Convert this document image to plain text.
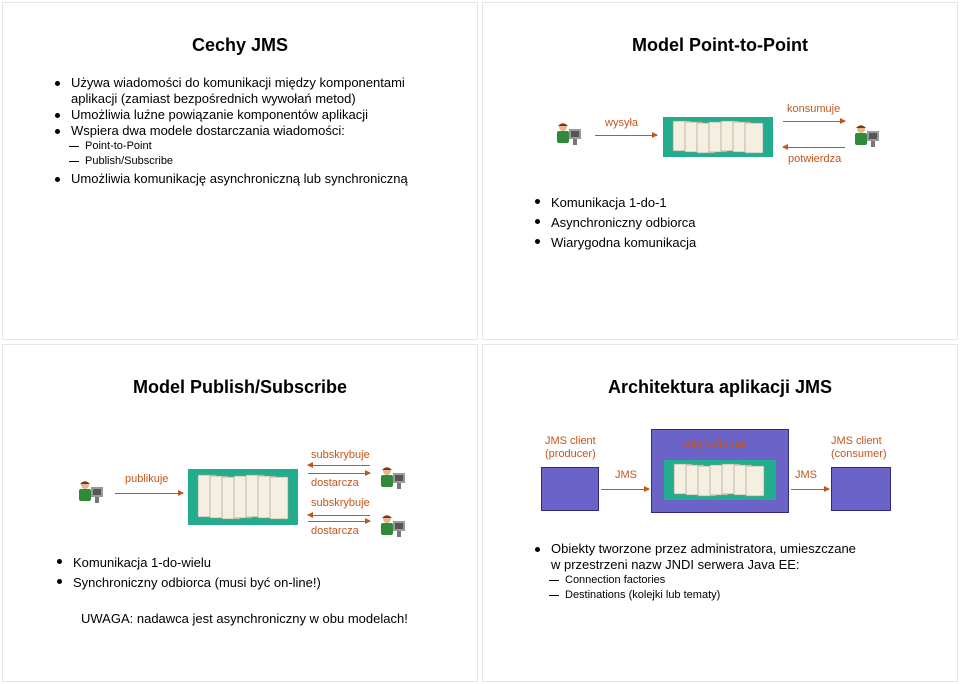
Cechy JMS
Używa wiadomości do komunikacji między komponentami
aplikacji (zamiast bezpośrednich wywołań metod)
Umożliwia luźne powiązanie komponentów aplikacji
Wspiera dwa modele dostarczania wiadomości:
Point-to-Point
Publish/Subscribe
Umożliwia komunikację asynchroniczną lub synchroniczną
Model Point-to-Point
wysyła
konsumuje
potwierdza
Komunikacja 1-do-1
Asynchroniczny odbiorca
Wiarygodna komunikacja
Model Publish/Subscribe
publikuje
subskrybuje
dostarcza
subskrybuje
dostarcza
Komunikacja 1-do-wielu
Synchroniczny odbiorca (musi być on-line!)
UWAGA: nadawca jest asynchroniczny w obu modelach!
Architektura aplikacji JMS
JMS client
(producer)
JMS
kolejka/temat
JMS
JMS client
(consumer)
Obiekty tworzone przez administratora, umieszczane
w przestrzeni nazw JNDI serwera Java EE:
Connection factories
Destinations (kolejki lub tematy)
